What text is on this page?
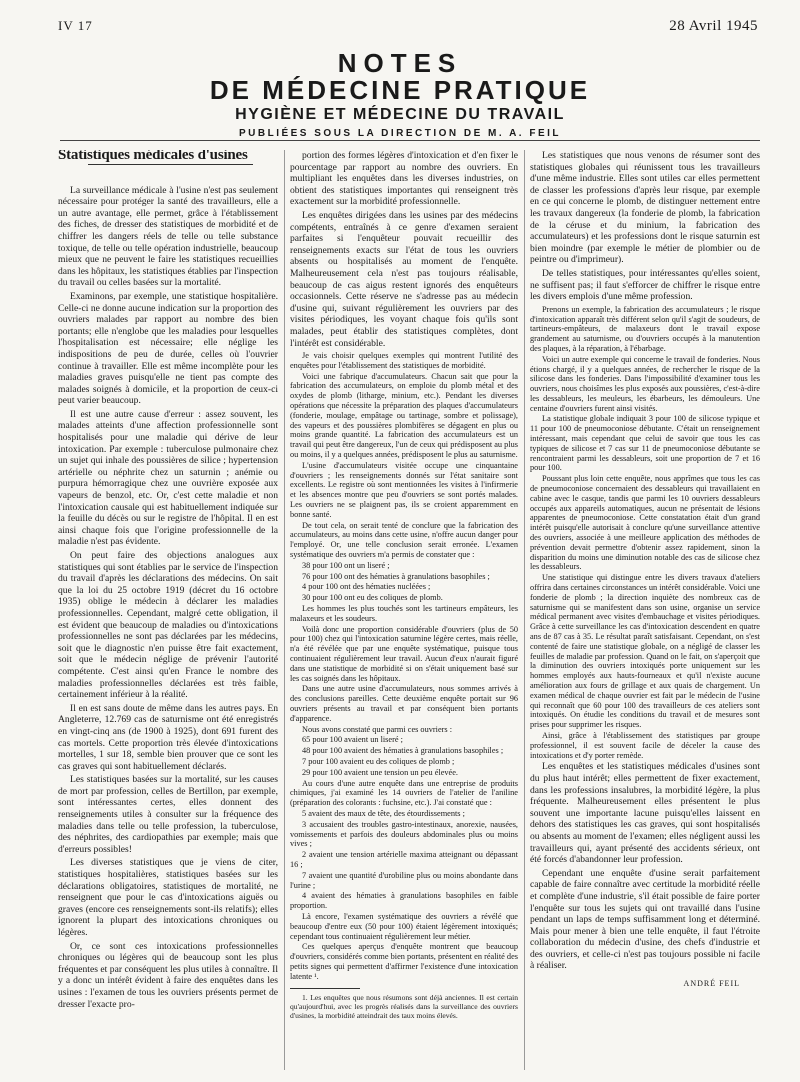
IV 17	28 Avril 1945
NOTES
DE MÉDECINE PRATIQUE
HYGIÈNE ET MÉDECINE DU TRAVAIL
PUBLIÉES SOUS LA DIRECTION DE M. A. FEIL

Statistiques médicales d'usines

La surveillance médicale à l'usine n'est pas seulement nécessaire pour protéger la santé des travailleurs, elle a un autre avantage, elle permet, grâce à l'établissement des fiches, de dresser des statistiques de morbidité et de chiffrer les dangers réels de telle ou telle substance toxique, de telle ou telle opération industrielle, beaucoup mieux que ne peuvent le faire les statistiques recueillies dans les hôpitaux, les statistiques établies par l'inspection du travail ou celles basées sur la mortalité.

Examinons, par exemple, une statistique hospitalière. Celle-ci ne donne aucune indication sur la proportion des ouvriers malades par rapport au nombre des bien portants; elle n'englobe que les maladies pour lesquelles l'hospitalisation est nécessaire; elle néglige les indispositions de peu de durée, celles où l'ouvrier continue à travailler. Elle est même incomplète pour les maladies graves puisqu'elle ne tient pas compte des malades soignés à domicile, et la proportion de ceux-ci peut varier beaucoup.

Il est une autre cause d'erreur : assez souvent, les malades atteints d'une affection professionnelle sont hospitalisés pour une maladie qui dérive de leur intoxication. Par exemple : tuberculose pulmonaire chez un sujet qui inhale des poussières de silice ; hypertension artérielle ou néphrite chez un saturnin ; anémie ou purpura hémorragique chez une ouvrière exposée aux vapeurs de benzol, etc. Or, c'est cette maladie et non l'intoxication causale qui est habituellement indiquée sur la feuille du décès ou sur le registre de l'hôpital. Il en est ainsi chaque fois que l'origine professionnelle de la maladie n'est pas évidente.

On peut faire des objections analogues aux statistiques qui sont établies par le service de l'inspection du travail d'après les déclarations des médecins. On sait que la loi du 25 octobre 1919 (décret du 16 octobre 1935) oblige le médecin à déclarer les maladies professionnelles. Cependant, malgré cette obligation, il est évident que beaucoup de maladies ou d'intoxications professionnelles ne sont pas déclarées par les médecins, soit que le diagnostic n'en puisse être fait exactement, soit que le médecin néglige de prévenir l'autorité compétente. C'est ainsi qu'en France le nombre des maladies professionnelles déclarées est très faible, certainement inférieur à la réalité.

Il en est sans doute de même dans les autres pays. En Angleterre, 12.769 cas de saturnisme ont été enregistrés en vingt-cinq ans (de 1900 à 1925), dont 691 furent des cas mortels. Cette proportion très élevée d'intoxications mortelles, 1 sur 18, semble bien prouver que ce sont les cas graves qui sont habituellement déclarés.

Les statistiques basées sur la mortalité, sur les causes de mort par profession, celles de Bertillon, par exemple, sont intéressantes certes, elles donnent des renseignements utiles à consulter sur la fréquence des maladies dans telle ou telle profession, la tuberculose, des néphrites, des cardiopathies par exemple; mais que d'erreurs possibles!

Les diverses statistiques que je viens de citer, statistiques hospitalières, statistiques basées sur les déclarations obligatoires, statistiques de mortalité, ne renseignent que pour le cas d'intoxications aiguës ou graves (encore ces renseignements sont-ils relatifs); elles ignorent la plupart des intoxications chroniques ou légères.

Or, ce sont ces intoxications professionnelles chroniques ou légères qui de beaucoup sont les plus fréquentes et par conséquent les plus utiles à connaître. Il y a donc un intérêt évident à faire des enquêtes dans les usines : l'examen de tous les ouvriers présents permet de dresser l'exacte pro-

portion des formes légères d'intoxication et d'en fixer le pourcentage par rapport au nombre des ouvriers. En multipliant les enquêtes dans les diverses industries, on obtient des statistiques importantes qui renseignent très exactement sur la morbidité professionnelle.

Les enquêtes dirigées dans les usines par des médecins compétents, entraînés à ce genre d'examen seraient parfaites si l'enquêteur pouvait recueillir des renseignements exacts sur l'état de tous les ouvriers absents ou hospitalisés au moment de l'enquête. Malheureusement cela n'est pas toujours réalisable, beaucoup de cas aigus restent ignorés des enquêteurs occasionnels. Cette réserve ne s'adresse pas au médecin d'usine qui, suivant régulièrement les ouvriers par des visites périodiques, les voyant chaque fois qu'ils sont malades, peut établir des statistiques complètes, dont l'intérêt est considérable.

Je vais choisir quelques exemples qui montrent l'utilité des enquêtes pour l'établissement des statistiques de morbidité.

Voici une fabrique d'accumulateurs. Chacun sait que pour la fabrication des accumulateurs, on emploie du plomb métal et des oxydes de plomb (litharge, minium, etc.). Pendant les diverses opérations que nécessite la préparation des plaques d'accumulateurs (fonderie, moulage, empâtage ou tartinage, sombre et polissage), des vapeurs et des poussières plombifères se dégagent en plus ou moins grande quantité. La fabrication des accumulateurs est un travail qui peut être dangereux, l'un de ceux qui prédisposent au plus ou moins, il y a quelques années, prédisposent le plus au saturnisme.

L'usine d'accumulateurs visitée occupe une cinquantaine d'ouvriers ; les renseignements donnés sur l'état sanitaire sont excellents. Le registre où sont mentionnées les visites à l'infirmerie et les absences montre que peu d'ouvriers se sont portés malades. Les ouvriers ne se plaignent pas, ils se croient apparemment en bonne santé.

De tout cela, on serait tenté de conclure que la fabrication des accumulateurs, au moins dans cette usine, n'offre aucun danger pour l'employé. Or, une telle conclusion serait erronée. L'examen systématique des ouvriers m'a permis de constater que :

38 pour 100 ont un liseré ;

76 pour 100 ont des hématies à granulations basophiles ;

4 pour 100 ont des hématies nucléées ;

30 pour 100 ont eu des coliques de plomb.

Les hommes les plus touchés sont les tartineurs empâteurs, les malaxeurs et les soudeurs.

Voilà donc une proportion considérable d'ouvriers (plus de 50 pour 100) chez qui l'intoxication saturnine légère certes, mais réelle, n'a été révélée que par une enquête systématique, puisque tous continuaient régulièrement leur travail. Aucun d'eux n'aurait figuré dans une statistique de morbidité si on s'était uniquement basé sur les cas soignés dans les hôpitaux.

Dans une autre usine d'accumulateurs, nous sommes arrivés à des conclusions pareilles. Cette deuxième enquête portait sur 96 ouvriers présents au travail et par conséquent bien portants d'apparence.

Nous avons constaté que parmi ces ouvriers :

65 pour 100 avaient un liseré ;

48 pour 100 avaient des hématies à granulations basophiles ;

7 pour 100 avaient eu des coliques de plomb ;

29 pour 100 avaient une tension un peu élevée.

Au cours d'une autre enquête dans une entreprise de produits chimiques, j'ai examiné les 14 ouvriers de l'atelier de l'aniline (préparation des colorants : fuchsine, etc.). J'ai constaté que :

5 avaient des maux de tête, des étourdissements ;

3 accusaient des troubles gastro-intestinaux, anorexie, nausées, vomissements et parfois des douleurs abdominales plus ou moins vives ;

2 avaient une tension artérielle maxima atteignant ou dépassant 16 ;

7 avaient une quantité d'urobiline plus ou moins abondante dans l'urine ;

4 avaient des hématies à granulations basophiles en faible proportion.

Là encore, l'examen systématique des ouvriers a révélé que beaucoup d'entre eux (50 pour 100) étaient légèrement intoxiqués; cependant tous continuaient régulièrement leur métier.

Ces quelques aperçus d'enquête montrent que beaucoup d'ouvriers, considérés comme bien portants, présentent en réalité des petits signes qui permettent d'affirmer l'existence d'une intoxication latente ¹.

1. Les enquêtes que nous résumons sont déjà anciennes. Il est certain qu'aujourd'hui, avec les progrès réalisés dans la surveillance des ouvriers d'usines, la morbidité atteindrait des taux moins élevés.

Les statistiques que nous venons de résumer sont des statistiques globales qui réunissent tous les travailleurs d'une même industrie. Elles sont utiles car elles permettent de classer les professions d'après leur risque, par exemple en ce qui concerne le plomb, de distinguer nettement entre les travaux dangereux (la fonderie de plomb, la fabrication de la céruse et du minium, la fabrication des accumulateurs) et les professions dont le risque saturnin est bien moindre (par exemple le métier de plombier ou de peintre ou d'imprimeur).

De telles statistiques, pour intéressantes qu'elles soient, ne suffisent pas; il faut s'efforcer de chiffrer le risque entre les divers emplois d'une même profession.

Prenons un exemple, la fabrication des accumulateurs ; le risque d'intoxication apparaît très différent selon qu'il s'agit de soudeurs, de tartineurs-empâteurs, de malaxeurs dont le travail expose grandement au saturnisme, ou d'ouvriers occupés à la manutention des plaques, à la réparation, à l'ébarbage.

Voici un autre exemple qui concerne le travail de fonderies. Nous étions chargé, il y a quelques années, de rechercher le risque de la silicose dans les fonderies. Dans l'impossibilité d'examiner tous les ouvriers, nous choisîmes les plus exposés aux poussières, c'est-à-dire les dessableurs, les meuleurs, les ébarbeurs, les démouleurs. Une centaine d'ouvriers furent ainsi visités.

La statistique globale indiquait 3 pour 100 de silicose typique et 11 pour 100 de pneumoconiose débutante. C'était un renseignement intéressant, mais cependant que celui de savoir que tous les cas typiques de silicose et 7 cas sur 11 de pneumoconiose débutante se rencontraient parmi les dessableurs, soit une proportion de 7 et 16 pour 100.

Poussant plus loin cette enquête, nous apprîmes que tous les cas de pneumoconiose concernaient des dessableurs qui travaillaient en cabine avec le casque, tandis que parmi les 10 ouvriers dessableurs occupés aux appareils automatiques, aucun ne présentait de lésions apparentes de pneumoconiose. Cette constatation était d'un grand intérêt puisqu'elle autorisait à conclure qu'une surveillance attentive des ouvriers, associée à une meilleure application des méthodes de prévention devait permettre d'obtenir assez rapidement, sinon la disparition du moins une diminution notable des cas de silicose chez les dessableurs.

Une statistique qui distingue entre les divers travaux d'ateliers offrira dans certaines circonstances un intérêt considérable. Voici une fonderie de plomb ; la direction inquiète des nombreux cas de saturnisme qui se manifestent dans son usine, organise un service médical permanent avec visites d'embauchage et visites périodiques. Grâce à cette surveillance les cas d'intoxication descendent en quatre ans de 87 cas à 35. Le résultat paraît satisfaisant. Cependant, on s'est contenté de faire une statistique globale, on a négligé de classer les feuilles de maladie par profession. Quand on le fait, on s'aperçoit que la diminution des ouvriers intoxiqués porte uniquement sur les hommes employés aux hauts-fourneaux et qu'il n'existe aucune amélioration aux fours de grillage et aux quais de chargement. Un examen médical de chaque ouvrier est fait par le médecin de l'usine qui reconnaît que 60 pour 100 des travailleurs de ces ateliers sont intoxiqués. On étudie les conditions du travail et de mesures sont prises pour supprimer les risques.

Ainsi, grâce à l'établissement des statistiques par groupe professionnel, il est souvent facile de déceler la cause des intoxications et d'y porter remède.

Les enquêtes et les statistiques médicales d'usines sont du plus haut intérêt; elles permettent de fixer exactement, dans les professions insalubres, la morbidité légère, la plus fréquente. Malheureusement elles présentent le plus souvent une importante lacune puisqu'elles laissent en dehors des statistiques les cas graves, qui sont hospitalisés ou absents au moment de l'examen; elles négligent aussi les travailleurs qui, ayant présenté des accidents sérieux, ont été forcés d'abandonner leur profession.

Cependant une enquête d'usine serait parfaitement capable de faire connaître avec certitude la morbidité réelle et complète d'une industrie, s'il était possible de faire porter l'enquête sur tous les sujets qui ont travaillé dans l'usine pendant un laps de temps suffisamment long et déterminé. Mais pour mener à bien une telle enquête, il faut l'étroite collaboration du médecin d'usine, des chefs d'industrie et des ouvriers, et celle-ci n'est pas toujours possible ni facile à réaliser.

ANDRÉ FEIL
